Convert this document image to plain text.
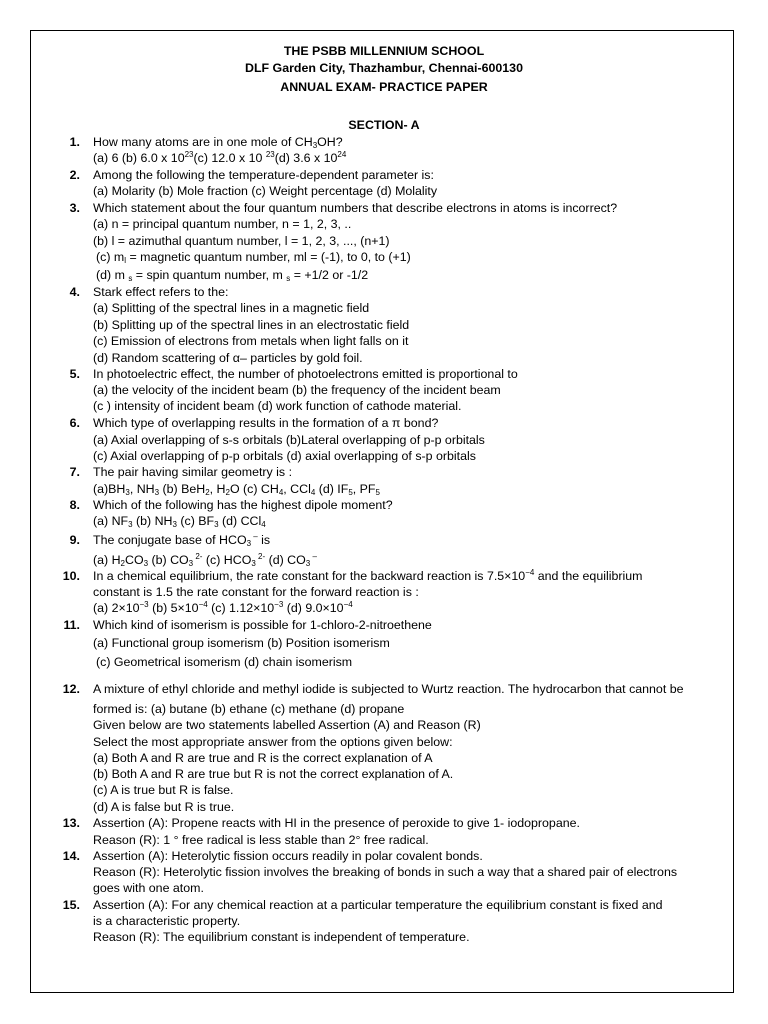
THE PSBB MILLENNIUM SCHOOL
DLF Garden City, Thazhambur, Chennai-600130
ANNUAL EXAM- PRACTICE PAPER
SECTION- A
1. How many atoms are in one mole of $CH_3OH$?
(a) 6 (b) 6.0 x $10^{23}(c)$ 12.0 x 10 $^{23}$(d) 3.6 x $10^{24}$
2. Among the following the temperature-dependent parameter is:
(a) Molarity (b) Mole fraction (c) Weight percentage (d) Molality
3. Which statement about the four quantum numbers that describe electrons in atoms is incorrect?
(a) n = principal quantum number, n = 1, 2, 3, ..
(b) l = azimuthal quantum number, l = 1, 2, 3, ..., (n+1)
(c) $m_l$ = magnetic quantum number, ml = (-1), to 0, to (+1)
(d) m $_s$ = spin quantum number, m $_s$ = +1/2 or -1/2
4. Stark effect refers to the:
(a) Splitting of the spectral lines in a magnetic field
(b) Splitting up of the spectral lines in an electrostatic field
(c) Emission of electrons from metals when light falls on it
(d) Random scattering of α– particles by gold foil.
5. In photoelectric effect, the number of photoelectrons emitted is proportional to
(a) the velocity of the incident beam (b) the frequency of the incident beam
(c ) intensity of incident beam (d) work function of cathode material.
6. Which type of overlapping results in the formation of a π bond?
(a) Axial overlapping of s-s orbitals (b)Lateral overlapping of p-p orbitals
(c) Axial overlapping of p-p orbitals (d) axial overlapping of s-p orbitals
7. The pair having similar geometry is :
$(a)BH_3$, $NH_3$ (b) BeH$_2$, $H_2O$ (c) $CH_4$, CCl$_4$ (d) $IF_5$, $PF_5$
8. Which of the following has the highest dipole moment?
(a) $NF_3$ (b) $NH_3$ (c) $BF_3$ (d) CCl$_4$
9. The conjugate base of $HCO_3$ – is
(a) $H_2CO_3$ (b) $CO_3$ $^{2-}$ (c) $HCO_3$ $^{2-}$ (d) $CO_3$ –
10. In a chemical equilibrium, the rate constant for the backward reaction is $7.5\times 10^{-4}$ and the equilibrium
constant is 1.5 the rate constant for the forward reaction is :
(a) $2\times 10^{-3}$ (b) $5\times 10^{-4}$ (c) $1.12\times 10^{-3}$ (d) $9.0\times 10^{-4}$
11. Which kind of isomerism is possible for 1-chloro-2-nitroethene
(a) Functional group isomerism (b) Position isomerism
(c) Geometrical isomerism (d) chain isomerism
12. A mixture of ethyl chloride and methyl iodide is subjected to Wurtz reaction. The hydrocarbon that cannot be
formed is: (a) butane (b) ethane (c) methane (d) propane
Given below are two statements labelled Assertion (A) and Reason (R)
Select the most appropriate answer from the options given below:
(a) Both A and R are true and R is the correct explanation of A
(b) Both A and R are true but R is not the correct explanation of A.
(c) A is true but R is false.
(d) A is false but R is true.
13. Assertion (A): Propene reacts with HI in the presence of peroxide to give 1- iodopropane.
Reason (R): 1 ° free radical is less stable than 2° free radical.
14. Assertion (A): Heterolytic fission occurs readily in polar covalent bonds.
Reason (R): Heterolytic fission involves the breaking of bonds in such a way that a shared pair of electrons
goes with one atom.
15. Assertion (A): For any chemical reaction at a particular temperature the equilibrium constant is fixed and
is a characteristic property.
Reason (R): The equilibrium constant is independent of temperature.
